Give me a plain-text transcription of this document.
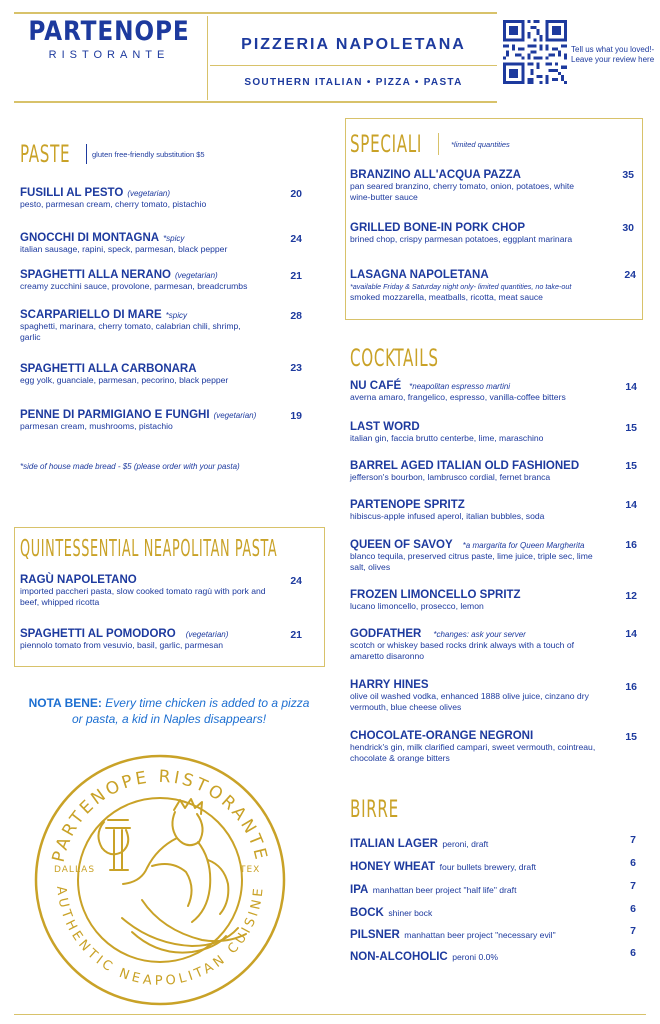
PARTENOPE
RISTORANTE
PIZZERIA NAPOLETANA
SOUTHERN ITALIAN • PIZZA • PASTA
Tell us what you loved!- Leave your review here
PASTE	gluten free-friendly substitution $5
FUSILLI AL PESTO (vegetarian)
pesto, parmesan cream, cherry tomato, pistachio
20
GNOCCHI DI MONTAGNA *spicy
italian sausage, rapini, speck, parmesan, black pepper
24
SPAGHETTI ALLA NERANO (vegetarian)
creamy zucchini sauce, provolone, parmesan, breadcrumbs
21
SCARPARIELLO DI MARE *spicy
spaghetti, marinara, cherry tomato, calabrian chili, shrimp, garlic
28
SPAGHETTI ALLA CARBONARA
egg yolk, guanciale, parmesan, pecorino, black pepper
23
PENNE DI PARMIGIANO E FUNGHI (vegetarian)
parmesan cream, mushrooms, pistachio
19
*side of house made bread - $5 (please order with your pasta)
QUINTESSENTIAL NEAPOLITAN PASTA
RAGÙ NAPOLETANO
imported paccheri pasta, slow cooked tomato ragù with pork and beef, whipped ricotta
24
SPAGHETTI AL POMODORO (vegetarian)
piennolo tomato from vesuvio, basil, garlic, parmesan
21
NOTA BENE: Every time chicken is added to a pizza or pasta, a kid in Naples disappears!
PARTENOPE RISTORANTE
AUTHENTIC NEAPOLITAN CUISINE
DALLAS	TEX
SPECIALI	*limited quantities
BRANZINO ALL'ACQUA PAZZA
pan seared branzino, cherry tomato, onion, potatoes, white wine-butter sauce
35
GRILLED BONE-IN PORK CHOP
brined chop, crispy parmesan potatoes, eggplant marinara
30
LASAGNA NAPOLETANA
*available Friday & Saturday night only- limited quantities, no take-out
smoked mozzarella, meatballs, ricotta, meat sauce
24
COCKTAILS
NU CAFÉ *neapolitan espresso martini
averna amaro, frangelico, espresso, vanilla-coffee bitters
14
LAST WORD
italian gin, faccia brutto centerbe, lime, maraschino
15
BARREL AGED ITALIAN OLD FASHIONED
jefferson's bourbon, lambrusco cordial, fernet branca
15
PARTENOPE SPRITZ
hibiscus-apple infused aperol, italian bubbles, soda
14
QUEEN OF SAVOY *a margarita for Queen Margherita
blanco tequila, preserved citrus paste, lime juice, triple sec, lime salt, olives
16
FROZEN LIMONCELLO SPRITZ
lucano limoncello, prosecco, lemon
12
GODFATHER *changes: ask your server
scotch or whiskey based rocks drink always with a touch of amaretto disaronno
14
HARRY HINES
olive oil washed vodka, enhanced 1888 olive juice, cinzano dry vermouth, blue cheese olives
16
CHOCOLATE-ORANGE NEGRONI
hendrick's gin, milk clarified campari, sweet vermouth, cointreau, chocolate & orange bitters
15
BIRRE
ITALIAN LAGER peroni, draft	7
HONEY WHEAT four bullets brewery, draft	6
IPA manhattan beer project "half life" draft	7
BOCK shiner bock	6
PILSNER manhattan beer project "necessary evil"	7
NON-ALCOHOLIC peroni 0.0%	6
